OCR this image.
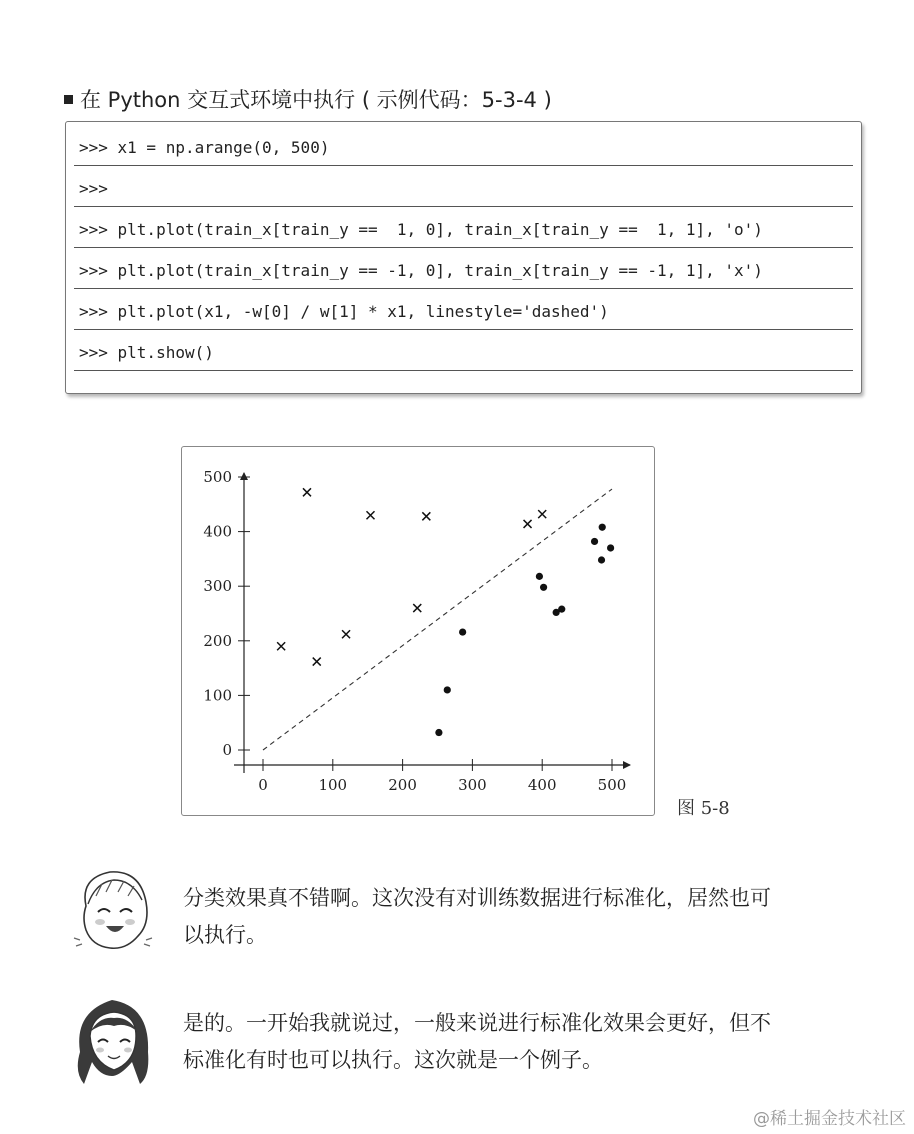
在 Python 交互式环境中执行 ( 示例代码：5-3-4 )
>>> x1 = np.arange(0, 500)
>>>
>>> plt.plot(train_x[train_y ==  1, 0], train_x[train_y ==  1, 1], 'o')
>>> plt.plot(train_x[train_y == -1, 0], train_x[train_y == -1, 1], 'x')
>>> plt.plot(x1, -w[0] / w[1] * x1, linestyle='dashed')
>>> plt.show()
0	100	200	300	400	500
0
100
200
300
400
500
图 5-8
分类效果真不错啊。这次没有对训练数据进行标准化，居然也可
以执行。
是的。一开始我就说过，一般来说进行标准化效果会更好，但不
标准化有时也可以执行。这次就是一个例子。
@稀土掘金技术社区
